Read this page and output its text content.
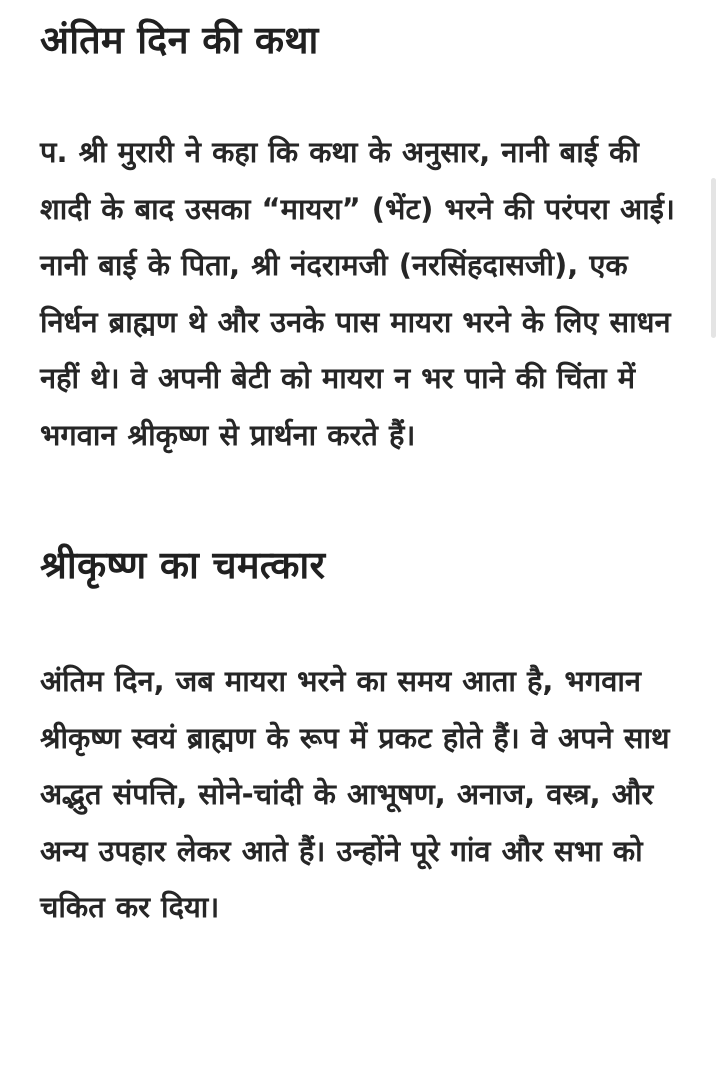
अंतिम दिन की कथा

प. श्री मुरारी ने कहा कि कथा के अनुसार, नानी बाई की शादी के बाद उसका “मायरा” (भेंट) भरने की परंपरा आई। नानी बाई के पिता, श्री नंदरामजी (नरसिंहदासजी), एक निर्धन ब्राह्मण थे और उनके पास मायरा भरने के लिए साधन नहीं थे। वे अपनी बेटी को मायरा न भर पाने की चिंता में भगवान श्रीकृष्ण से प्रार्थना करते हैं।

श्रीकृष्ण का चमत्कार

अंतिम दिन, जब मायरा भरने का समय आता है, भगवान श्रीकृष्ण स्वयं ब्राह्मण के रूप में प्रकट होते हैं। वे अपने साथ अद्भुत संपत्ति, सोने-चांदी के आभूषण, अनाज, वस्त्र, और अन्य उपहार लेकर आते हैं। उन्होंने पूरे गांव और सभा को चकित कर दिया।
